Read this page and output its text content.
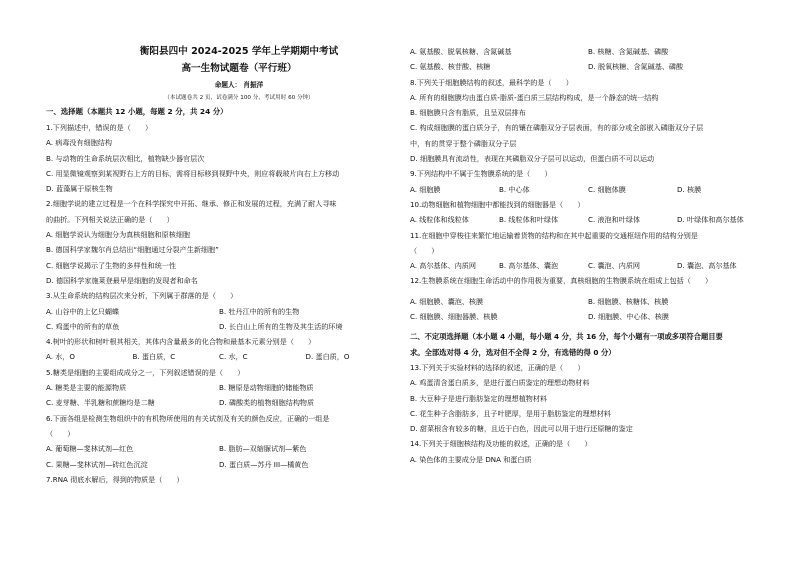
衡阳县四中 2024-2025 学年上学期期中考试
高一生物试题卷（平行班）
命题人： 肖振洋
（本试题卷共 2 页，试卷满分 100 分，考试用时 60 分钟）
一、选择题（本题共 12 小题，每题 2 分，共 24 分）
1.下列描述中，错误的是（　　）
A. 病毒没有细胞结构
B. 与动物的生命系统层次相比，植物缺少器官层次
C. 用显微镜观察到某视野右上方的目标，需将目标移到视野中央，则应将载玻片向右上方移动
D. 蓝藻属于原核生物
2.细胞学说的建立过程是一个在科学探究中开拓、继承、修正和发展的过程，充满了耐人寻味
的曲折。下列相关说法正确的是（　　）
A. 细胞学说认为细胞分为真核细胞和原核细胞
B. 德国科学家魏尔肖总结出“细胞通过分裂产生新细胞”
C. 细胞学说揭示了生物的多样性和统一性
D. 德国科学家施莱登最早是细胞的发现者和命名
3.从生命系统的结构层次来分析，下列属于群落的是（　　）
A. 山谷中的上亿只蝴蝶	B. 牡丹江中的所有的生物
C. 鸡蛋中的所有的草鱼	D. 长白山上所有的生物及其生活的环境
4.树叶的形状和树叶根其相关，其体内含量最多的化合物和最基本元素分别是（　　）
A. 水，O	B. 蛋白质，C	C. 水，C	D. 蛋白质，O
5.糖类是细胞的主要组成成分之一，下列叙述错误的是（　　）
A. 糖类是主要的能源物质	B. 糖原是动物细胞的储能物质
C. 麦芽糖、半乳糖和蔗糖均是二糖	D. 磷酸类的植物细胞结构物质
6.下面各组是检测生物组织中的有机物所使用的有关试剂及有关的颜色反应，正确的一组是
（　　）
A. 葡萄糖—斐林试剂—红色	B. 脂肪—双缩脲试剂—紫色
C. 果糖—斐林试剂—砖红色沉淀	D. 蛋白质—苏丹 III—橘黄色
7.RNA 彻底水解后，得到的物质是（　　）
A. 氨基酸、脱氧核糖、含氮碱基	B. 核糖、含氮碱基、磷酸
C. 氨基酸、核苷酸、核糖	D. 脱氧核糖、含氮碱基、磷酸
8.下列关于细胞膜结构的叙述，最科学的是（　　）
A. 所有的细胞膜均由蛋白质-脂质-蛋白质三层结构构成，是一个静态的统一结构
B. 细胞膜只含有脂质，且呈双层排布
C. 构成细胞膜的蛋白质分子，有的镶在磷脂双分子层表面，有的部分或全部嵌入磷脂双分子层
中，有的贯穿于整个磷脂双分子层
D. 细胞膜具有流动性，表现在其磷脂双分子层可以运动，但蛋白质不可以运动
9.下列结构中不属于生物膜系统的是（　　）
A. 细胞膜	B. 中心体	C. 细胞体膜	D. 核膜
10.动物细胞和植物细胞中都能找到的细胞器是（　　）
A. 线粒体和线粒体	B. 线粒体和叶绿体	C. 液泡和叶绿体	D. 叶绿体和高尔基体
11.在细胞中穿梭往来繁忙地运输着货物的结构和在其中起重要的交通枢纽作用的结构分别是
（　　）
A. 高尔基体、内质网	B. 高尔基体、囊泡	C. 囊泡、内质网	D. 囊泡、高尔基体
12.生物膜系统在细胞生命活动中的作用极为重要，真核细胞的生物膜系统在组成上包括（　　）
A. 细胞膜、囊泡、核膜	B. 细胞膜、核糖体、核膜
C. 细胞膜、细胞器膜、核膜	D. 细胞膜、中心体、核膜
二、不定项选择题（本小题 4 小题，每小题 4 分，共 16 分，每个小题有一项或多项符合题目要
求。全部选对得 4 分，选对但不全得 2 分，有选错的得 0 分）
13.下列关于实验材料的选择的叙述，正确的是（　　）
A. 鸡蛋清含蛋白质多，是进行蛋白质鉴定的理想动物材料
B. 大豆种子是进行脂肪鉴定的理想植物材料
C. 花生种子含脂肪多，且子叶肥厚，是用于脂肪鉴定的理想材料
D. 甜菜根含有较多的糖，且近于白色，因此可以用于进行还原糖的鉴定
14.下列关于细胞核结构及功能的叙述，正确的是（　　）
A. 染色体的主要成分是 DNA 和蛋白质
